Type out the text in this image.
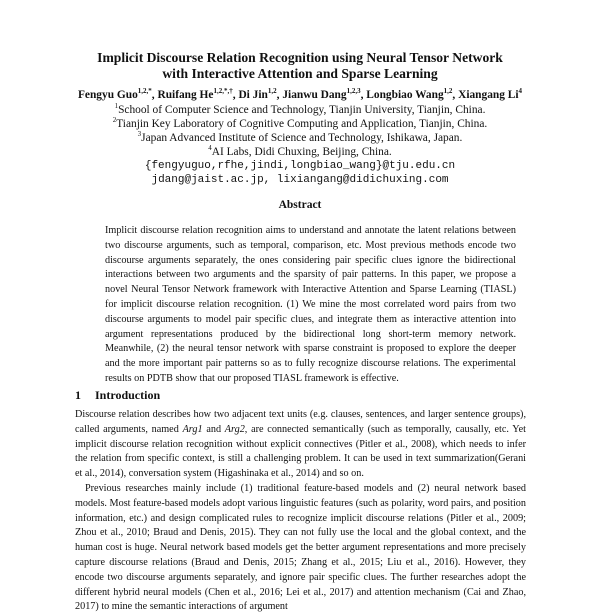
Implicit Discourse Relation Recognition using Neural Tensor Network
with Interactive Attention and Sparse Learning
Fengyu Guo$^{1,2,*}$, Ruifang $He^{1,2,*,\dagger}$, Di Jin$^{1,2}$, Jianwu Dang$^{1,2,3}$, Longbiao Wang$^{1,2}$, Xiangang Li$^4$
$^1$School of Computer Science and Technology, Tianjin University, Tianjin, China.
$^2$Tianjin Key Laboratory of Cognitive Computing and Application, Tianjin, China.
$^3$Japan Advanced Institute of Science and Technology, Ishikawa, Japan.
$^4$AI Labs, Didi Chuxing, Beijing, China.
{fengyuguo,rfhe,jindi,longbiao_wang}@tju.edu.cn
jdang@jaist.ac.jp, lixiangang@didichuxing.com
Abstract
Implicit discourse relation recognition aims to understand and annotate the latent relations between two discourse arguments, such as temporal, comparison, etc. Most previous methods encode two discourse arguments separately, the ones considering pair specific clues ignore the bidirectional interactions between two arguments and the sparsity of pair patterns. In this paper, we propose a novel Neural Tensor Network framework with Interactive Attention and Sparse Learning (TIASL) for implicit discourse relation recognition. (1) We mine the most correlated word pairs from two discourse arguments to model pair specific clues, and integrate them as interactive attention into argument representations produced by the bidirectional long short-term memory network. Meanwhile, (2) the neural tensor network with sparse constraint is proposed to explore the deeper and the more important pair patterns so as to fully recognize discourse relations. The experimental results on PDTB show that our proposed TIASL framework is effective.
1 Introduction

Discourse relation describes how two adjacent text units (e.g. clauses, sentences, and larger sentence groups), called arguments, named Arg1 and Arg2, are connected semantically (such as temporally, causally, etc. Yet implicit discourse relation recognition without explicit connectives (Pitler et al., 2008), which needs to infer the relation from specific context, is still a challenging problem. It can be used in text summarization(Gerani et al., 2014), conversation system (Higashinaka et al., 2014) and so on.

Previous researches mainly include (1) traditional feature-based models and (2) neural network based models. Most feature-based models adopt various linguistic features (such as polarity, word pairs, and position information, etc.) and design complicated rules to recognize implicit discourse relations (Pitler et al., 2009; Zhou et al., 2010; Braud and Denis, 2015). They can not fully use the local and the global context, and the human cost is huge. Neural network based models get the better argument representations and more precisely capture discourse relations (Braud and Denis, 2015; Zhang et al., 2015; Liu et al., 2016). However, they encode two discourse arguments separately, and ignore pair specific clues. The further researches adopt the different hybrid neural models (Chen et al., 2016; Lei et al., 2017) and attention mechanism (Cai and Zhao, 2017) to mine the semantic interactions of argument
